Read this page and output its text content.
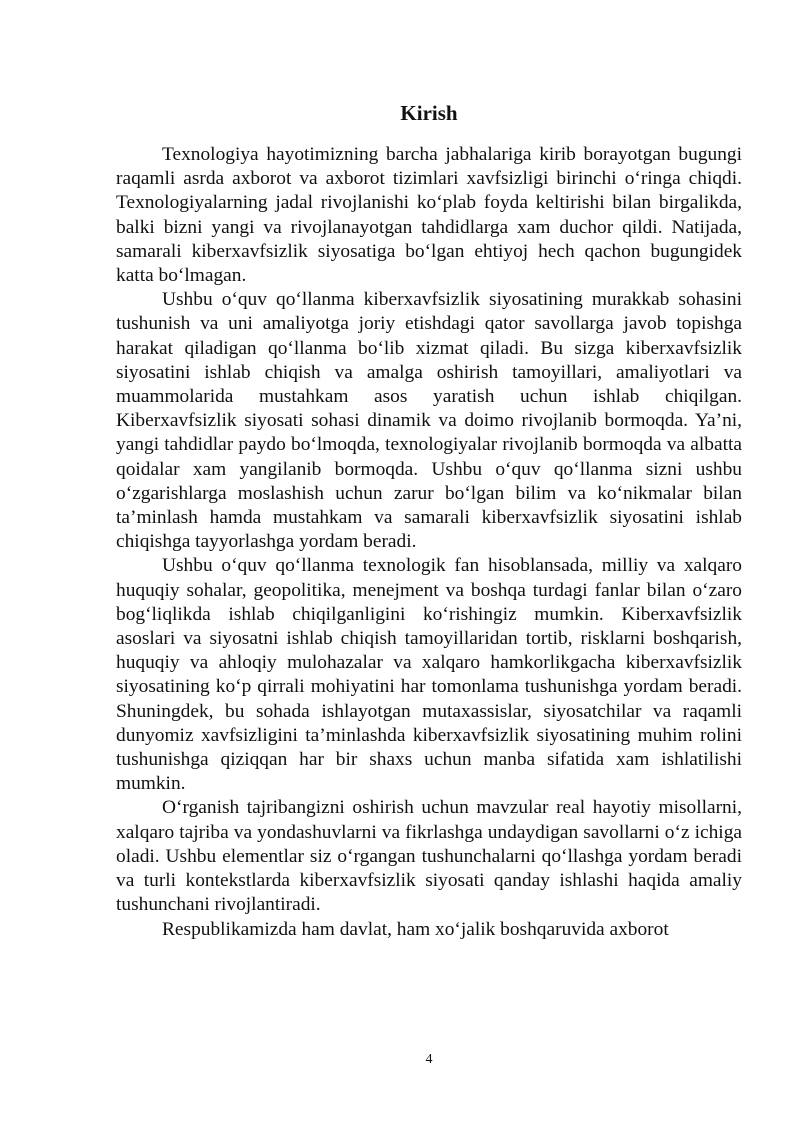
Kirish

Texnologiya hayotimizning barcha jabhalariga kirib borayotgan bugungi raqamli asrda axborot va axborot tizimlari xavfsizligi birinchi oʻringa chiqdi. Texnologiyalarning jadal rivojlanishi koʻplab foyda keltirishi bilan birgalikda, balki bizni yangi va rivojlanayotgan tahdidlarga xam duchor qildi. Natijada, samarali kiberxavfsizlik siyosatiga boʻlgan ehtiyoj hech qachon bugungidek katta boʻlmagan.

Ushbu oʻquv qoʻllanma kiberxavfsizlik siyosatining murakkab sohasini tushunish va uni amaliyotga joriy etishdagi qator savollarga javob topishga harakat qiladigan qoʻllanma boʻlib xizmat qiladi. Bu sizga kiberxavfsizlik siyosatini ishlab chiqish va amalga oshirish tamoyillari, amaliyotlari va muammolarida mustahkam asos yaratish uchun ishlab chiqilgan. Kiberxavfsizlik siyosati sohasi dinamik va doimo rivojlanib bormoqda. Yaʼni, yangi tahdidlar paydo boʻlmoqda, texnologiyalar rivojlanib bormoqda va albatta qoidalar xam yangilanib bormoqda. Ushbu oʻquv qoʻllanma sizni ushbu oʻzgarishlarga moslashish uchun zarur boʻlgan bilim va koʻnikmalar bilan taʼminlash hamda mustahkam va samarali kiberxavfsizlik siyosatini ishlab chiqishga tayyorlashga yordam beradi.

Ushbu oʻquv qoʻllanma texnologik fan hisoblansada, milliy va xalqaro huquqiy sohalar, geopolitika, menejment va boshqa turdagi fanlar bilan oʻzaro bogʻliqlikda ishlab chiqilganligini koʻrishingiz mumkin. Kiberxavfsizlik asoslari va siyosatni ishlab chiqish tamoyillaridan tortib, risklarni boshqarish, huquqiy va ahloqiy mulohazalar va xalqaro hamkorlikgacha kiberxavfsizlik siyosatining koʻp qirrali mohiyatini har tomonlama tushunishga yordam beradi. Shuningdek, bu sohada ishlayotgan mutaxassislar, siyosatchilar va raqamli dunyomiz xavfsizligini taʼminlashda kiberxavfsizlik siyosatining muhim rolini tushunishga qiziqqan har bir shaxs uchun manba sifatida xam ishlatilishi mumkin.

Oʻrganish tajribangizni oshirish uchun mavzular real hayotiy misollarni, xalqaro tajriba va yondashuvlarni va fikrlashga undaydigan savollarni oʻz ichiga oladi. Ushbu elementlar siz oʻrgangan tushunchalarni qoʻllashga yordam beradi va turli kontekstlarda kiberxavfsizlik siyosati qanday ishlashi haqida amaliy tushunchani rivojlantiradi.

Respublikamizda ham davlat, ham xoʻjalik boshqaruvida axborot

4
